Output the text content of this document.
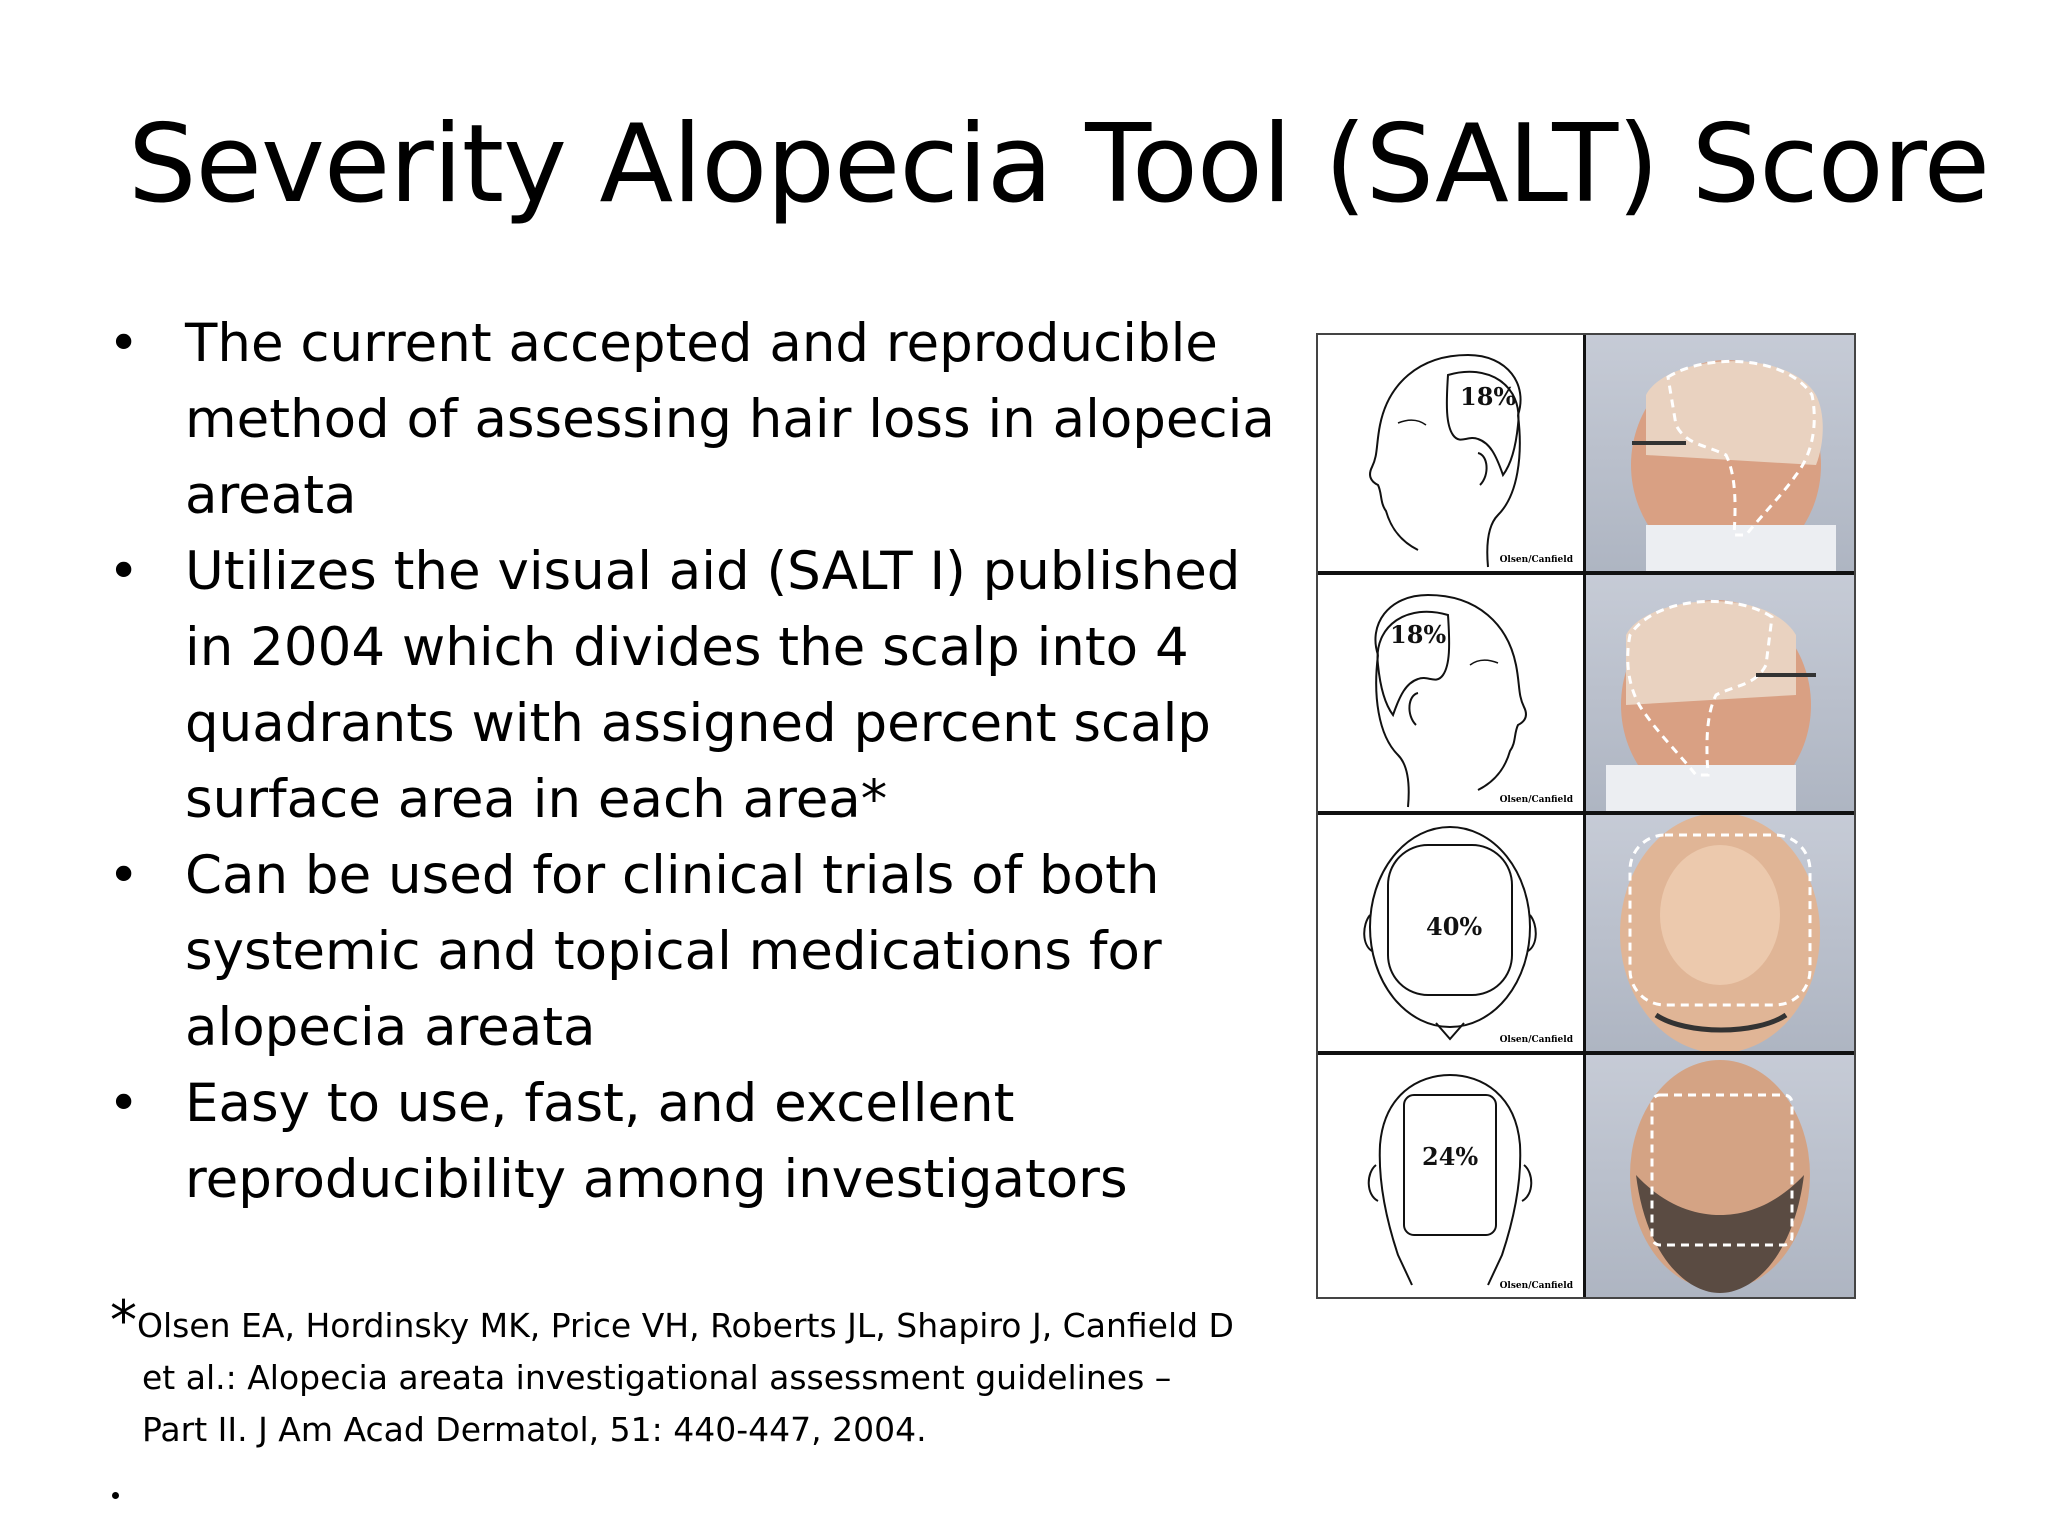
Severity Alopecia Tool (SALT) Score
• The current accepted and reproducible method of assessing hair loss in alopecia areata
• Utilizes the visual aid (SALT I) published in 2004 which divides the scalp into 4 quadrants with assigned percent scalp surface area in each area*
• Can be used for clinical trials of both systemic and topical medications for alopecia areata
• Easy to use, fast, and excellent reproducibility among investigators
*Olsen EA, Hordinsky MK, Price VH, Roberts JL, Shapiro J, Canfield D
et al.: Alopecia areata investigational assessment guidelines –
Part II. J Am Acad Dermatol, 51: 440-447, 2004.
18%
Olsen/Canfield
18%
Olsen/Canfield
40%
Olsen/Canfield
24%
Olsen/Canfield
